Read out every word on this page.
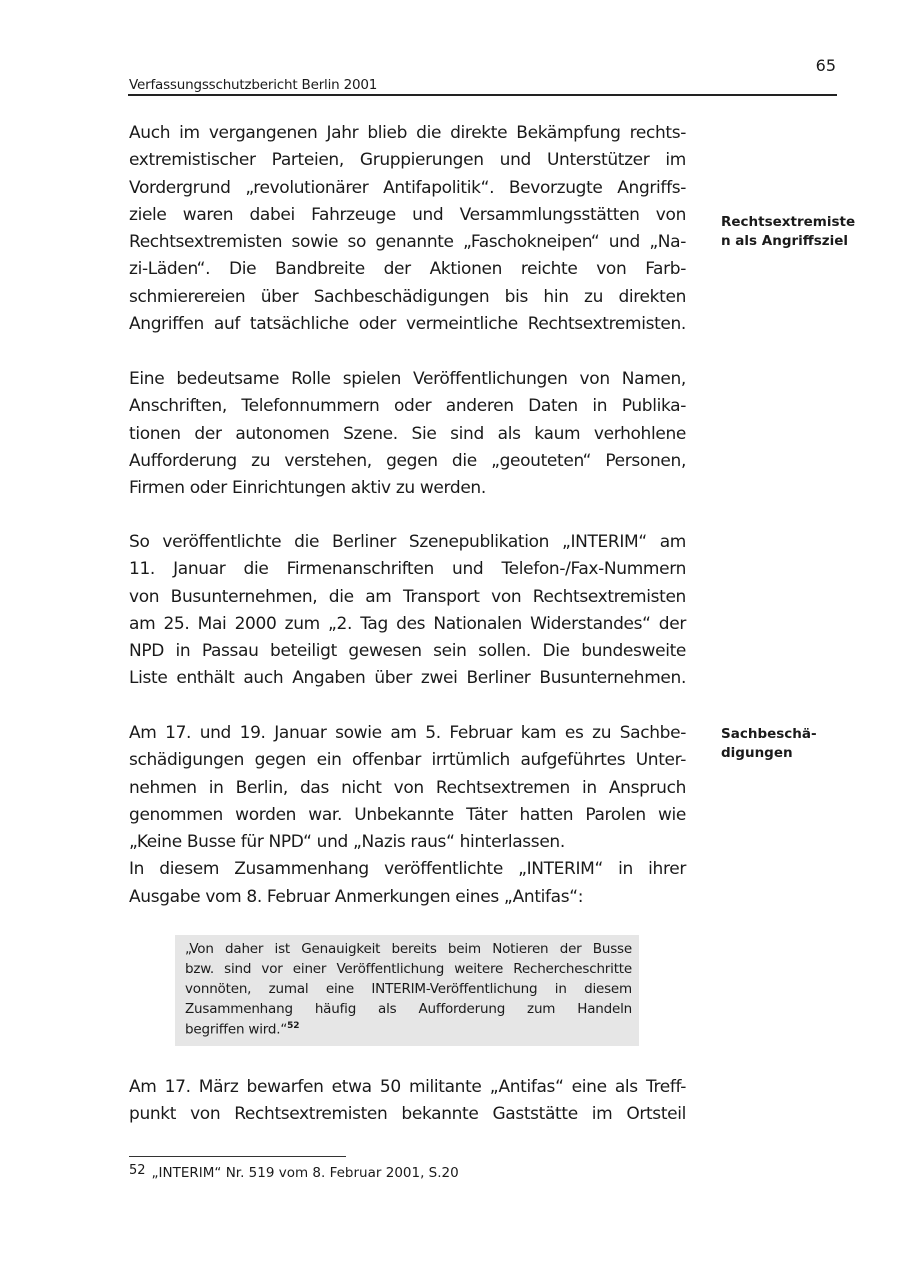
65
Verfassungsschutzbericht Berlin 2001
Auch im vergangenen Jahr blieb die direkte Bekämpfung rechts-
extremistischer Parteien, Gruppierungen und Unterstützer im
Vordergrund „revolutionärer Antifapolitik“. Bevorzugte Angriffs-
ziele waren dabei Fahrzeuge und Versammlungsstätten von
Rechtsextremisten sowie so genannte „Faschokneipen“ und „Na-
zi-Läden“. Die Bandbreite der Aktionen reichte von Farb-
schmierereien über Sachbeschädigungen bis hin zu direkten
Angriffen auf tatsächliche oder vermeintliche Rechtsextremisten.
Eine bedeutsame Rolle spielen Veröffentlichungen von Namen,
Anschriften, Telefonnummern oder anderen Daten in Publika-
tionen der autonomen Szene. Sie sind als kaum verhohlene
Aufforderung zu verstehen, gegen die „geouteten“ Personen,
Firmen oder Einrichtungen aktiv zu werden.
So veröffentlichte die Berliner Szenepublikation „INTERIM“ am
11. Januar die Firmenanschriften und Telefon-/Fax-Nummern
von Busunternehmen, die am Transport von Rechtsextremisten
am 25. Mai 2000 zum „2. Tag des Nationalen Widerstandes“ der
NPD in Passau beteiligt gewesen sein sollen. Die bundesweite
Liste enthält auch Angaben über zwei Berliner Busunternehmen.
Am 17. und 19. Januar sowie am 5. Februar kam es zu Sachbe-
schädigungen gegen ein offenbar irrtümlich aufgeführtes Unter-
nehmen in Berlin, das nicht von Rechtsextremen in Anspruch
genommen worden war. Unbekannte Täter hatten Parolen wie
„Keine Busse für NPD“ und „Nazis raus“ hinterlassen.
In diesem Zusammenhang veröffentlichte „INTERIM“ in ihrer
Ausgabe vom 8. Februar Anmerkungen eines „Antifas“:
„Von daher ist Genauigkeit bereits beim Notieren der Busse
bzw. sind vor einer Veröffentlichung weitere Rechercheschritte
vonnöten, zumal eine INTERIM-Veröffentlichung in diesem
Zusammenhang häufig als Aufforderung zum Handeln
begriffen wird.“$^{52}$
Am 17. März bewarfen etwa 50 militante „Antifas“ eine als Treff-
punkt von Rechtsextremisten bekannte Gaststätte im Ortsteil
Rechtsextremiste
n als Angriffsziel
Sachbeschä-
digungen
52 „INTERIM“ Nr. 519 vom 8. Februar 2001, S.20
